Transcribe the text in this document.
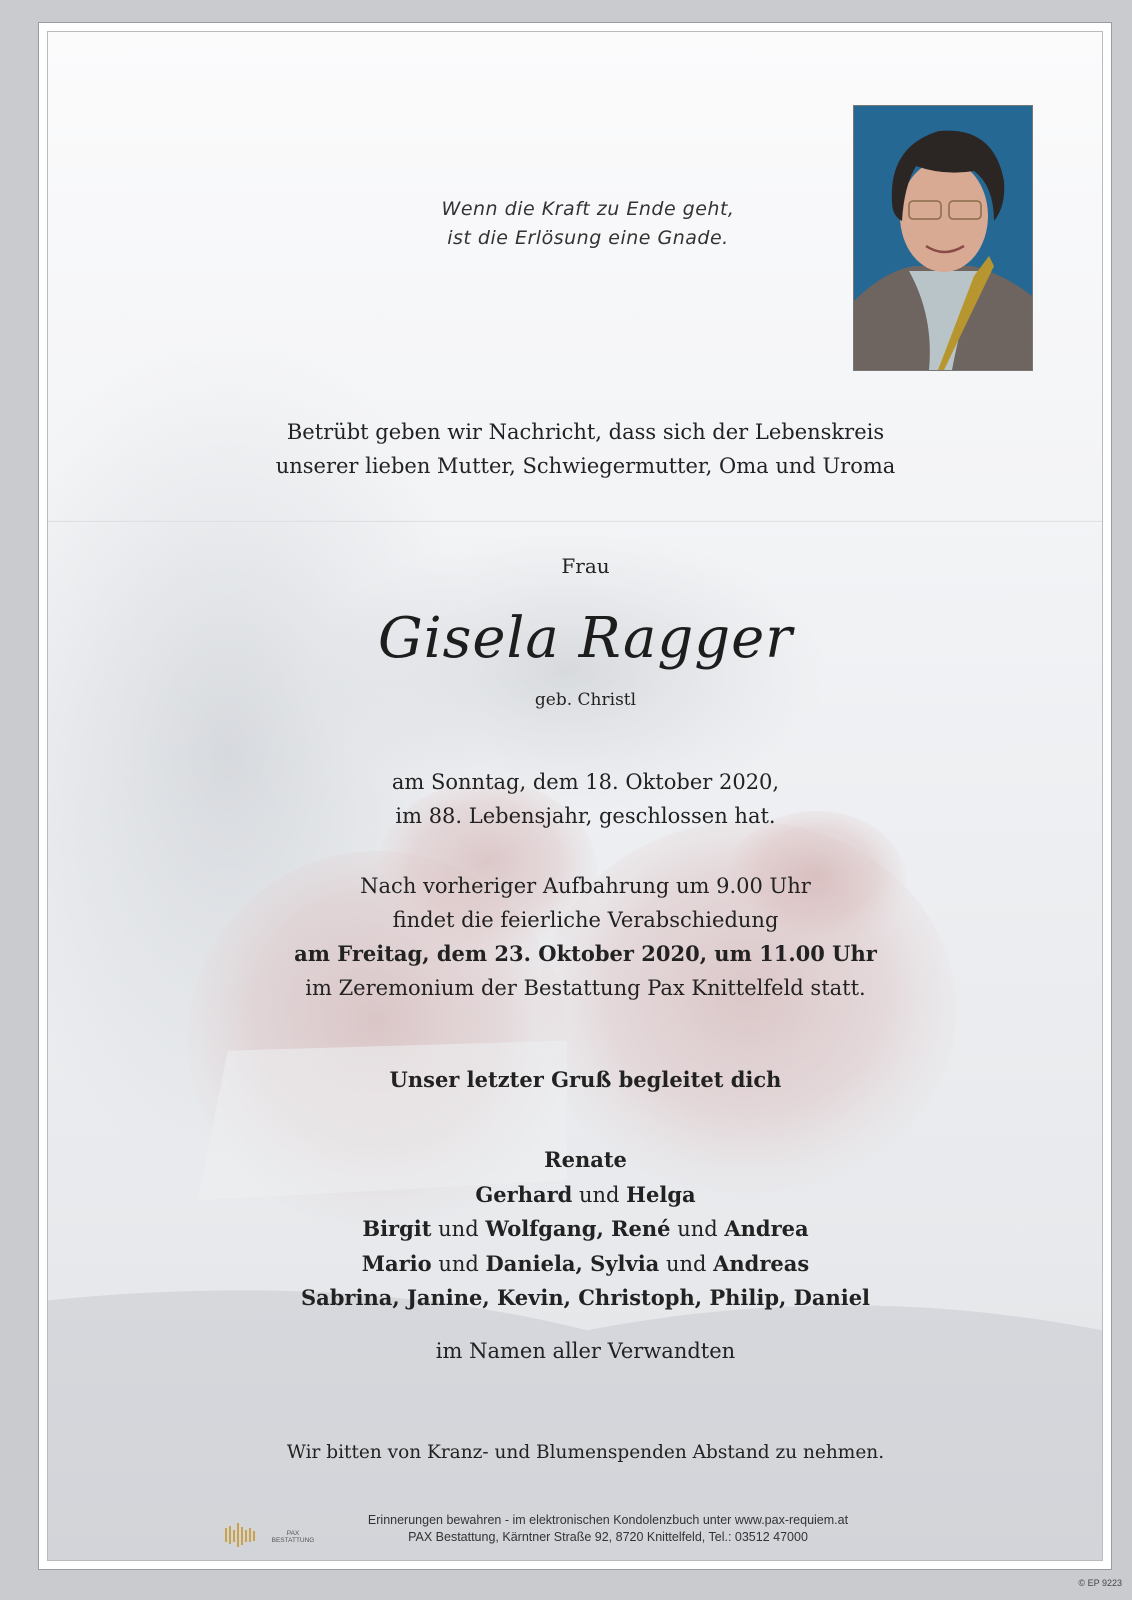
Wenn die Kraft zu Ende geht,
ist die Erlösung eine Gnade.
Betrübt geben wir Nachricht, dass sich der Lebenskreis
unserer lieben Mutter, Schwiegermutter, Oma und Uroma
Frau
Gisela Ragger
geb. Christl
am Sonntag, dem 18. Oktober 2020,
im 88. Lebensjahr, geschlossen hat.
Nach vorheriger Aufbahrung um 9.00 Uhr
findet die feierliche Verabschiedung
am Freitag, dem 23. Oktober 2020, um 11.00 Uhr
im Zeremonium der Bestattung Pax Knittelfeld statt.
Unser letzter Gruß begleitet dich
Renate
Gerhard und Helga
Birgit und Wolfgang, René und Andrea
Mario und Daniela, Sylvia und Andreas
Sabrina, Janine, Kevin, Christoph, Philip, Daniel
im Namen aller Verwandten
Wir bitten von Kranz- und Blumenspenden Abstand zu nehmen.
PAX
BESTATTUNG
Erinnerungen bewahren - im elektronischen Kondolenzbuch unter www.pax-requiem.at
PAX Bestattung, Kärntner Straße 92, 8720 Knittelfeld, Tel.: 03512 47000
© EP 9223
